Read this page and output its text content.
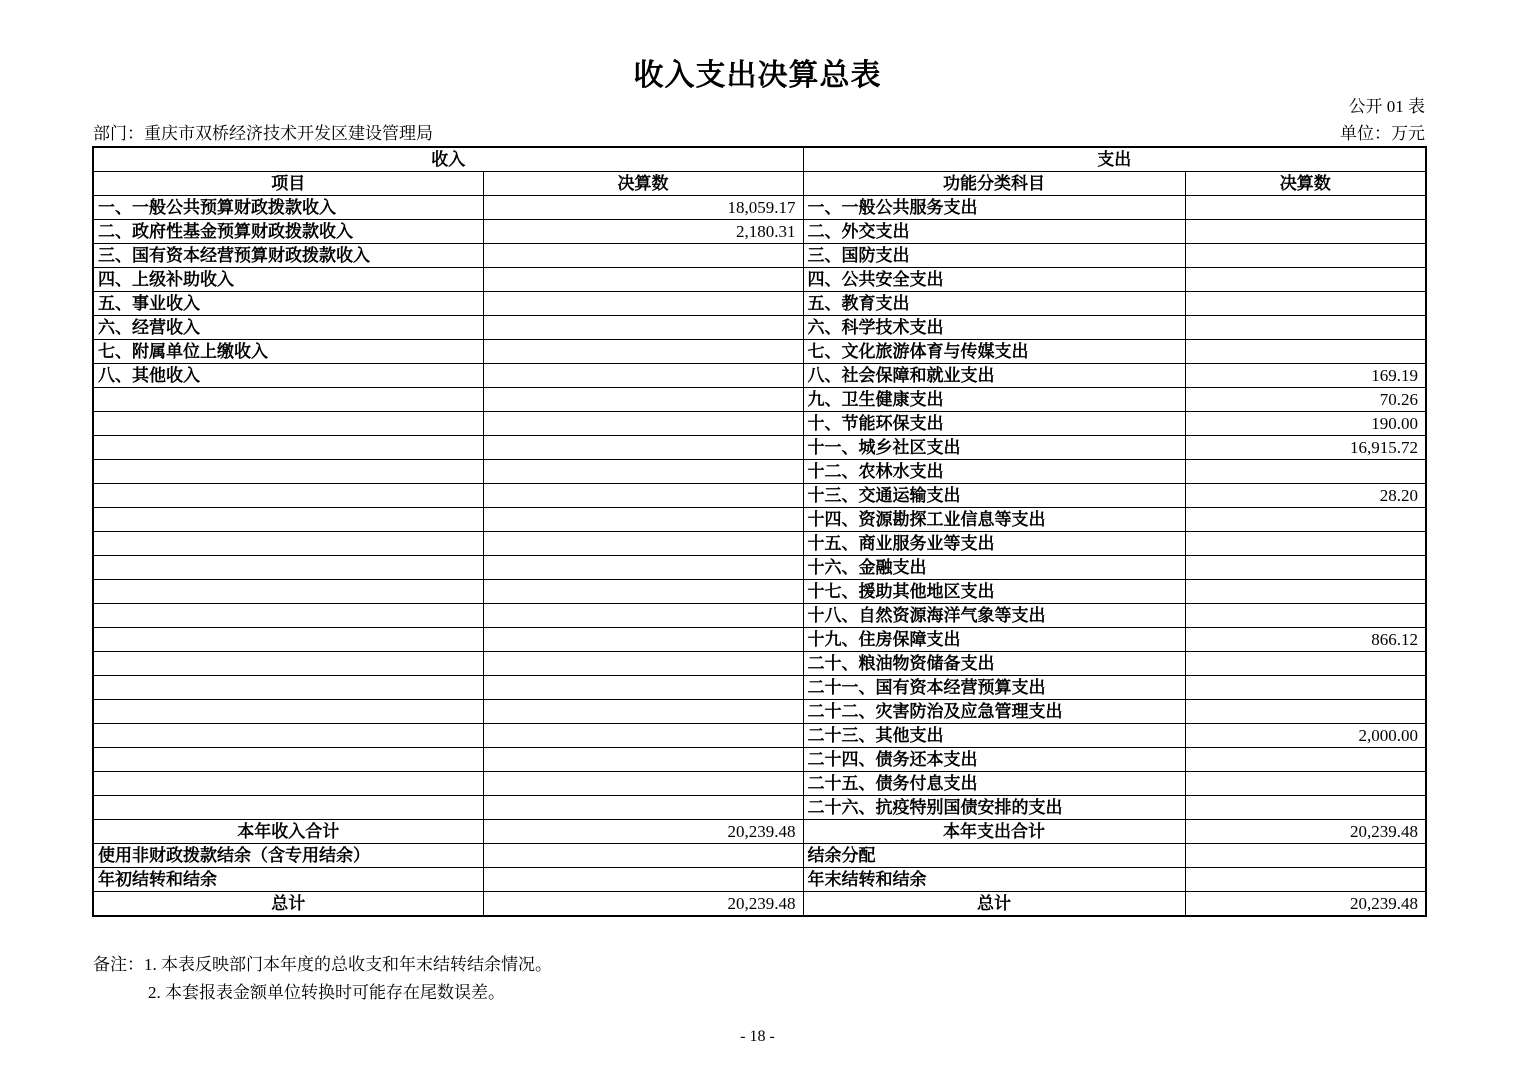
收入支出决算总表
公开 01 表
部门：重庆市双桥经济技术开发区建设管理局	单位：万元
收入		支出	
项目	决算数	功能分类科目	决算数
一、一般公共预算财政拨款收入	18,059.17	一、一般公共服务支出	
二、政府性基金预算财政拨款收入	2,180.31	二、外交支出	
三、国有资本经营预算财政拨款收入		三、国防支出	
四、上级补助收入		四、公共安全支出	
五、事业收入		五、教育支出	
六、经营收入		六、科学技术支出	
七、附属单位上缴收入		七、文化旅游体育与传媒支出	
八、其他收入		八、社会保障和就业支出	169.19
		九、卫生健康支出	70.26
		十、节能环保支出	190.00
		十一、城乡社区支出	16,915.72
		十二、农林水支出	
		十三、交通运输支出	28.20
		十四、资源勘探工业信息等支出	
		十五、商业服务业等支出	
		十六、金融支出	
		十七、援助其他地区支出	
		十八、自然资源海洋气象等支出	
		十九、住房保障支出	866.12
		二十、粮油物资储备支出	
		二十一、国有资本经营预算支出	
		二十二、灾害防治及应急管理支出	
		二十三、其他支出	2,000.00
		二十四、债务还本支出	
		二十五、债务付息支出	
		二十六、抗疫特别国债安排的支出	
本年收入合计	20,239.48	本年支出合计	20,239.48
使用非财政拨款结余（含专用结余）		结余分配	
年初结转和结余		年末结转和结余	
总计	20,239.48	总计	20,239.48
备注：1. 本表反映部门本年度的总收支和年末结转结余情况。
2. 本套报表金额单位转换时可能存在尾数误差。
- 18 -
